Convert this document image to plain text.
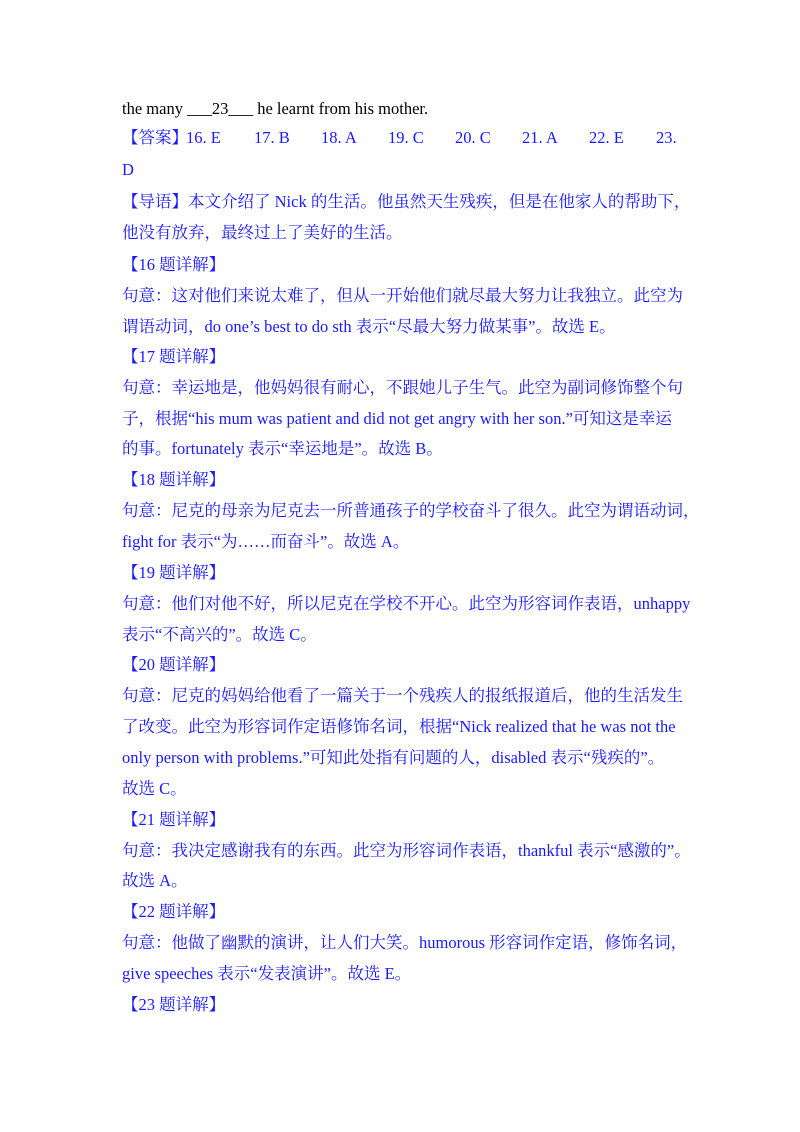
the many ___23___ he learnt from his mother.
【答案】
16. E 17. B 18. A 19. C 20. C 21. A 22. E 23.
D
【导语】本文介绍了 Nick 的生活。他虽然天生残疾，但是在他家人的帮助下，
他没有放弃，最终过上了美好的生活。
【16 题详解】
句意：这对他们来说太难了，但从一开始他们就尽最大努力让我独立。此空为
谓语动词，do one’s best to do sth 表示“尽最大努力做某事”。故选 E。
【17 题详解】
句意：幸运地是，他妈妈很有耐心，不跟她儿子生气。此空为副词修饰整个句
子，根据“his mum was patient and did not get angry with her son.”可知这是幸运
的事。fortunately 表示“幸运地是”。故选 B。
【18 题详解】
句意：尼克的母亲为尼克去一所普通孩子的学校奋斗了很久。此空为谓语动词，
fight for 表示“为……而奋斗”。故选 A。
【19 题详解】
句意：他们对他不好，所以尼克在学校不开心。此空为形容词作表语，unhappy
表示“不高兴的”。故选 C。
【20 题详解】
句意：尼克的妈妈给他看了一篇关于一个残疾人的报纸报道后，他的生活发生
了改变。此空为形容词作定语修饰名词，根据“Nick realized that he was not the
only person with problems.”可知此处指有问题的人，disabled 表示“残疾的”。
故选 C。
【21 题详解】
句意：我决定感谢我有的东西。此空为形容词作表语，thankful 表示“感激的”。
故选 A。
【22 题详解】
句意：他做了幽默的演讲，让人们大笑。humorous 形容词作定语，修饰名词，
give speeches 表示“发表演讲”。故选 E。
【23 题详解】
